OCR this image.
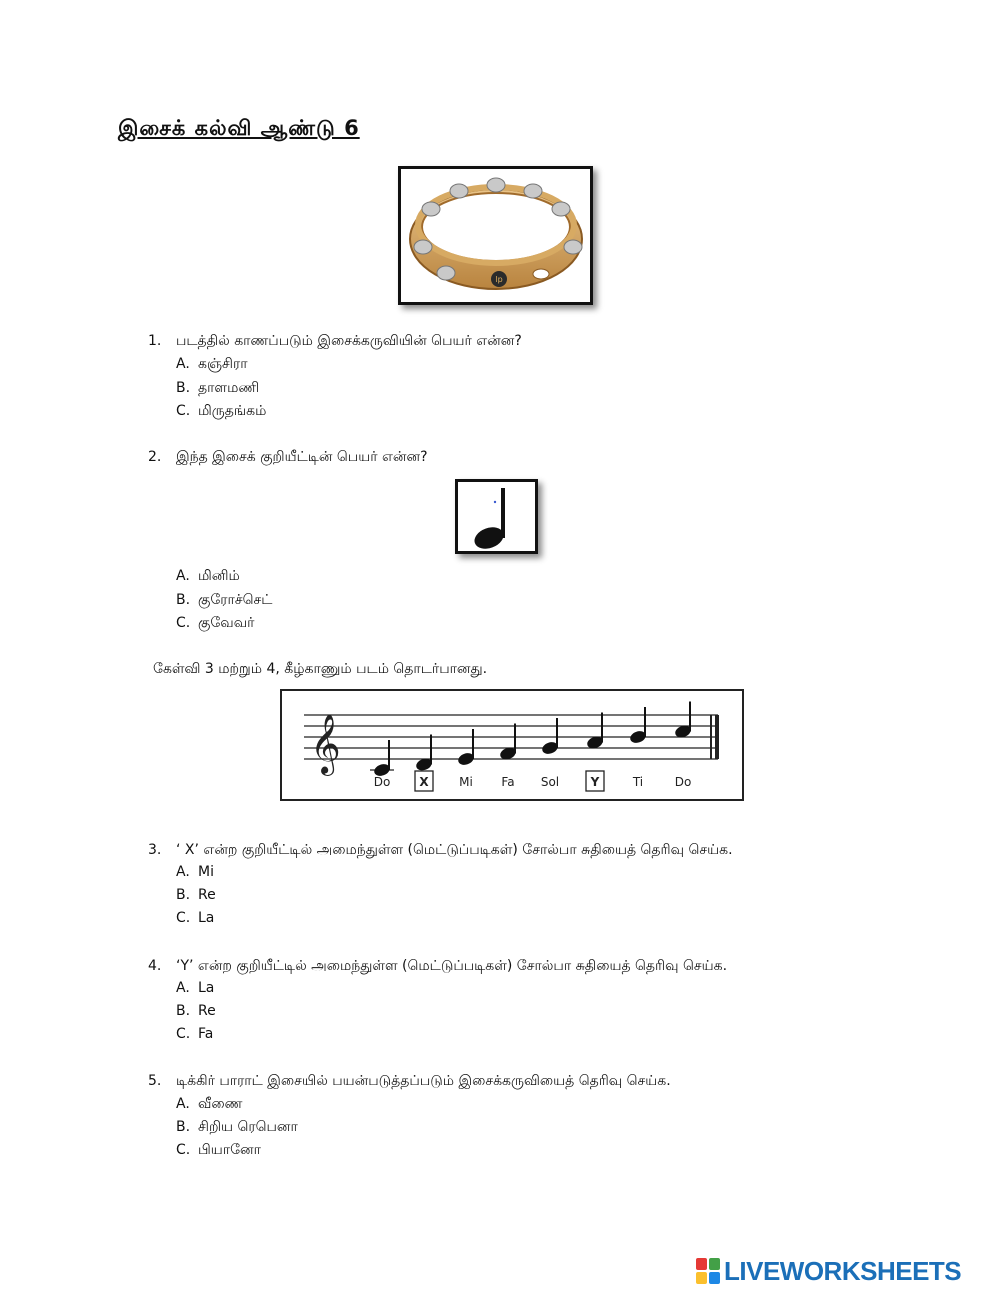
இசைக் கல்வி ஆண்டு 6
lp
1. படத்தில் காணப்படும் இசைக்கருவியின் பெயர் என்ன?
A. கஞ்சிரா
B. தாளமணி
C. மிருதங்கம்
2. இந்த இசைக் குறியீட்டின் பெயர் என்ன?
A. மினிம்
B. குரோச்செட்
C. குவேவர்
கேள்வி 3 மற்றும் 4, கீழ்காணும் படம் தொடர்பானது.
𝄞
Do X	Mi Fa Sol	Y	Ti	Do
3. ‘ X’ என்ற குறியீட்டில் அமைந்துள்ள (மெட்டுப்படிகள்) சோல்பா சுதியைத் தெரிவு செய்க.
A. Mi
B. Re
C. La
4. ‘Y’ என்ற குறியீட்டில் அமைந்துள்ள (மெட்டுப்படிகள்) சோல்பா சுதியைத் தெரிவு செய்க.
A. La
B. Re
C. Fa
5. டிக்கிர் பாராட் இசையில் பயன்படுத்தப்படும் இசைக்கருவியைத் தெரிவு செய்க.
A. வீணை
B. சிறிய ரெபெனா
C. பியானோ
LIVEWORKSHEETS
